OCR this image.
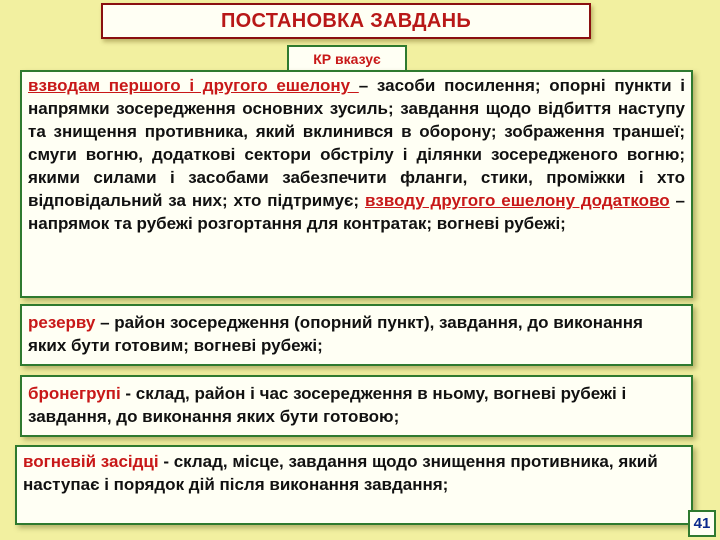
ПОСТАНОВКА ЗАВДАНЬ
КР вказує
взводам першого і другого ешелону – засоби посилення; опорні пункти і напрямки зосередження основних зусиль; завдання щодо відбиття наступу та знищення противника, який вклинився в оборону; зображення траншеї; смуги вогню, додаткові сектори обстрілу і ділянки зосередженого вогню; якими силами і засобами забезпечити фланги, стики, проміжки і хто відповідальний за них; хто підтримує; взводу другого ешелону додатково – напрямок та рубежі розгортання для контратак; вогневі рубежі;
резерву – район зосередження (опорний пункт), завдання, до виконання яких бути готовим; вогневі рубежі;
бронегрупі - склад, район і час зосередження в ньому, вогневі рубежі і завдання, до виконання яких бути готовою;
вогневій засідці - склад, місце, завдання щодо знищення противника, який наступає і порядок дій після виконання завдання;
41
